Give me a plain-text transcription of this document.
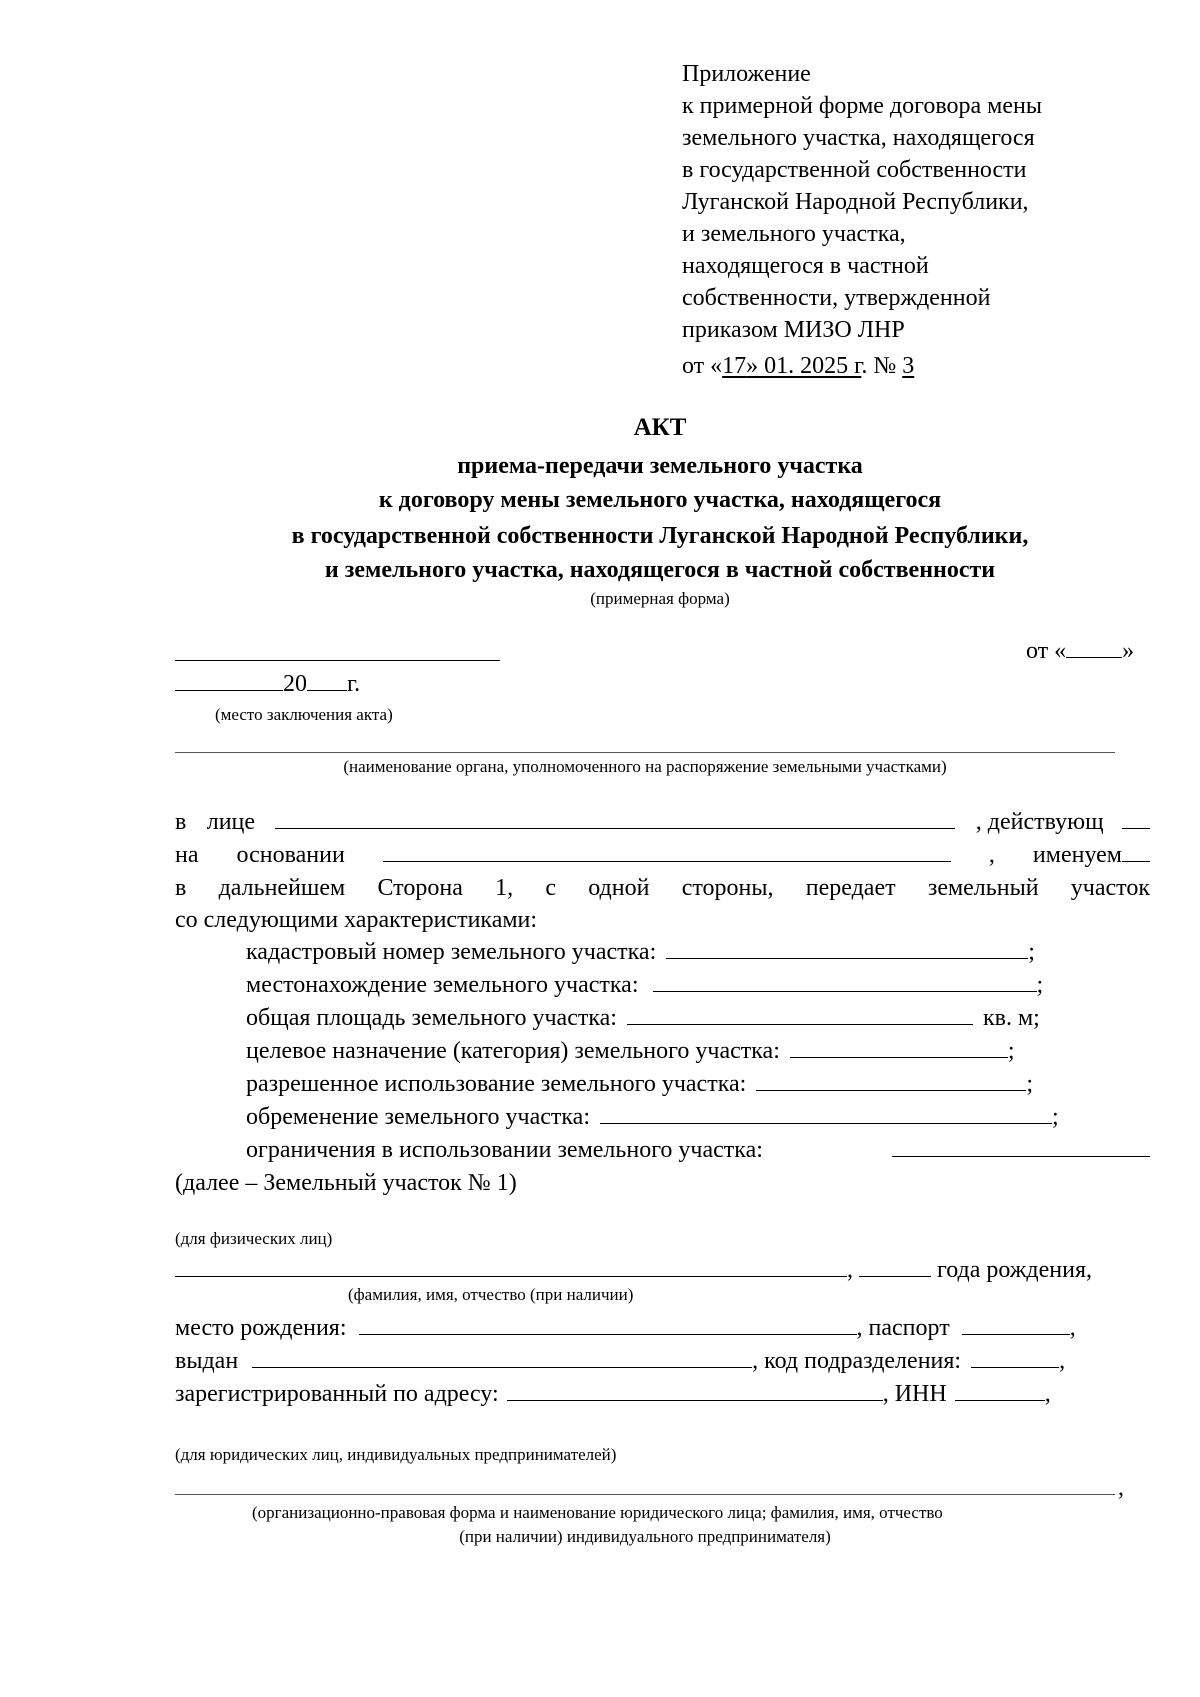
Приложение
к примерной форме договора мены
земельного участка, находящегося
в государственной собственности
Луганской Народной Республики,
и земельного участка,
находящегося в частной
собственности, утвержденной
приказом МИЗО ЛНР
от «17» 01. 2025 г. № 3
АКТ
приема-передачи земельного участка
к договору мены земельного участка, находящегося
в государственной собственности Луганской Народной Республики,
и земельного участка, находящегося в частной собственности
(примерная форма)
от « »
20 г.
(место заключения акта)
(наименование органа, уполномоченного на распоряжение земельными участками)
в лице	, действующ
на основании	, именуем
в дальнейшем Сторона 1, с одной стороны, передает земельный участок
со следующими характеристиками:
кадастровый номер земельного участка:	;
местонахождение земельного участка:	;
общая площадь земельного участка:	кв. м;
целевое назначение (категория) земельного участка:	;
разрешенное использование земельного участка:	;
обременение земельного участка:	;
ограничения в использовании земельного участка:
(далее – Земельный участок № 1)
(для физических лиц)
,	года рождения,
(фамилия, имя, отчество (при наличии)
место рождения:	, паспорт	,
выдан	, код подразделения:	,
зарегистрированный по адресу:	, ИНН	,
(для юридических лиц, индивидуальных предпринимателей)
,
(организационно-правовая форма и наименование юридического лица; фамилия, имя, отчество
(при наличии) индивидуального предпринимателя)
